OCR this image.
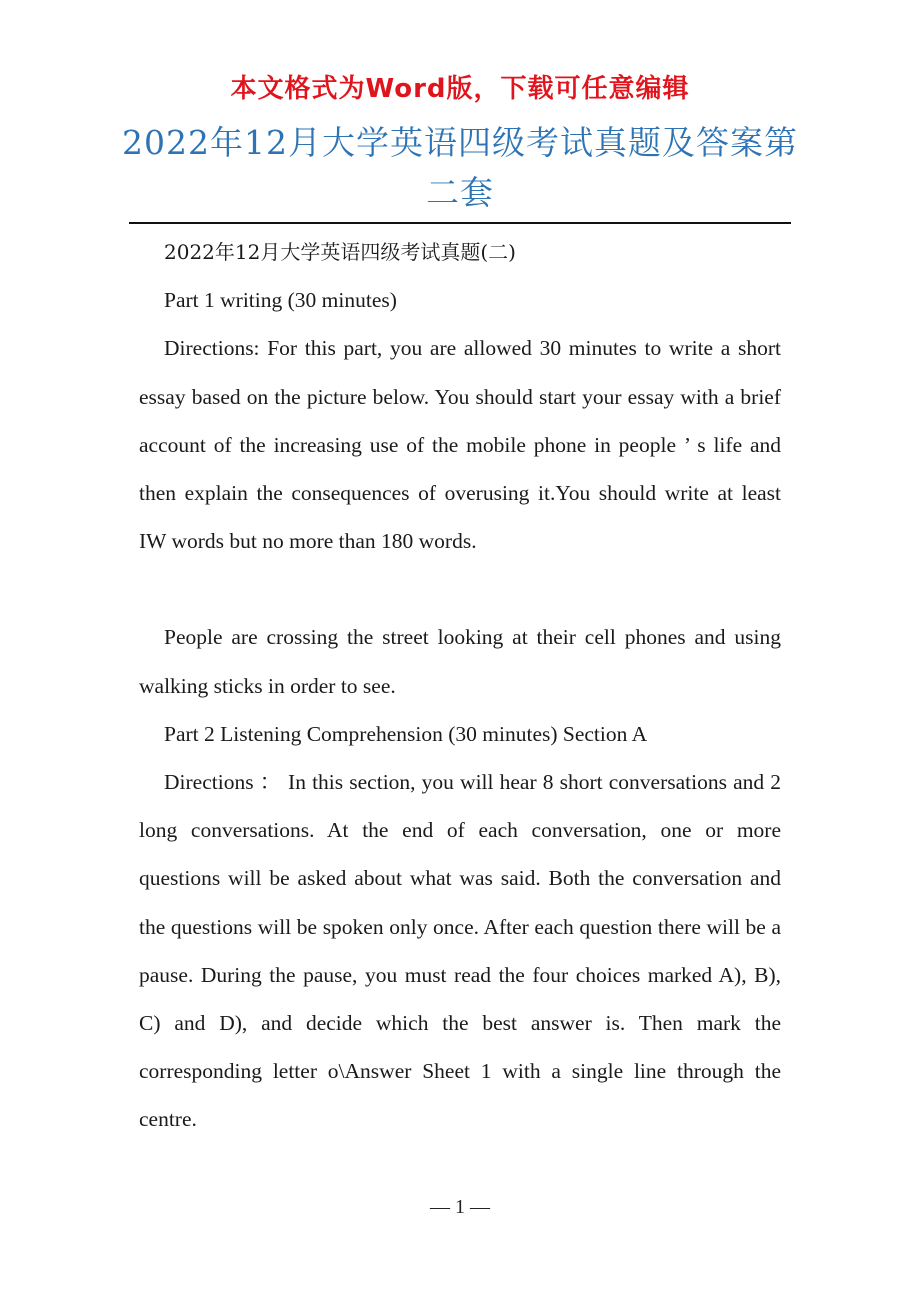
本文格式为Word版，下载可任意编辑
2022年12月大学英语四级考试真题及答案第二套

2022年12月大学英语四级考试真题(二)

Part 1 writing (30 minutes)

Directions: For this part, you are allowed 30 minutes to write a short essay based on the picture below. You should start your essay with a brief account of the increasing use of the mobile phone in people ’ s life and then explain the consequences of overusing it.You should write at least IW words but no more than 180 words.

People are crossing the street looking at their cell phones and using walking sticks in order to see.

Part 2 Listening Comprehension (30 minutes) Section A

Directions ： In this section, you will hear 8 short conversations and 2 long conversations. At the end of each conversation, one or more questions will be asked about what was said. Both the conversation and the questions will be spoken only once. After each question there will be a pause. During the pause, you must read the four choices marked A), B), C) and D), and decide which the best answer is. Then mark the corresponding letter o\Answer Sheet 1 with a single line through the centre.

— 1 —
